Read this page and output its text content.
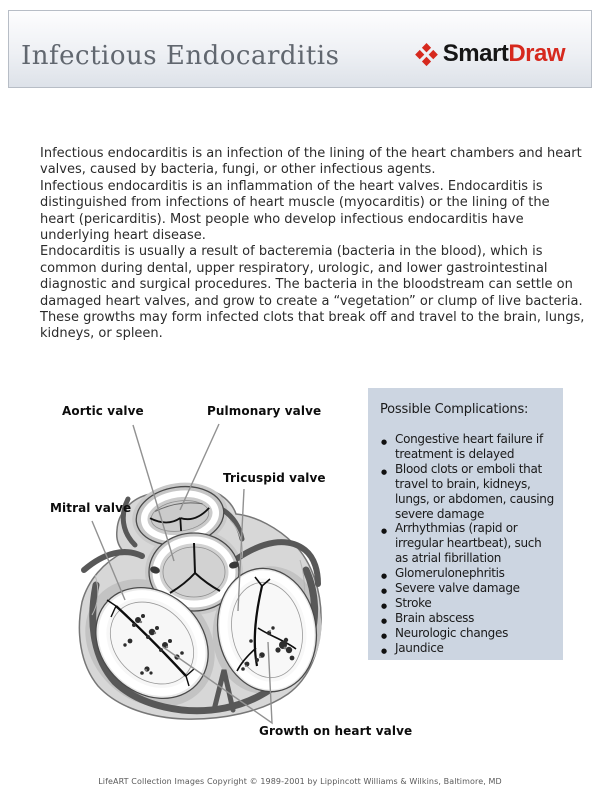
Infectious Endocarditis	SmartDraw

Infectious endocarditis is an infection of the lining of the heart chambers and heart valves, caused by bacteria, fungi, or other infectious agents.

Infectious endocarditis is an inflammation of the heart valves. Endocarditis is distinguished from infections of heart muscle (myocarditis) or the lining of the heart (pericarditis). Most people who develop infectious endocarditis have underlying heart disease.

Endocarditis is usually a result of bacteremia (bacteria in the blood), which is common during dental, upper respiratory, urologic, and lower gastrointestinal diagnostic and surgical procedures. The bacteria in the bloodstream can settle on damaged heart valves, and grow to create a “vegetation” or clump of live bacteria. These growths may form infected clots that break off and travel to the brain, lungs, kidneys, or spleen.

Aortic valve	Pulmonary valve
Tricuspid valve
Mitral valve
Growth on heart valve
Possible Complications:
● Congestive heart failure if treatment is delayed
● Blood clots or emboli that travel to brain, kidneys, lungs, or abdomen, causing severe damage
● Arrhythmias (rapid or irregular heartbeat), such as atrial fibrillation
● Glomerulonephritis
● Severe valve damage
● Stroke
● Brain abscess
● Neurologic changes
● Jaundice
LifeART Collection Images Copyright © 1989-2001 by Lippincott Williams & Wilkins, Baltimore, MD
